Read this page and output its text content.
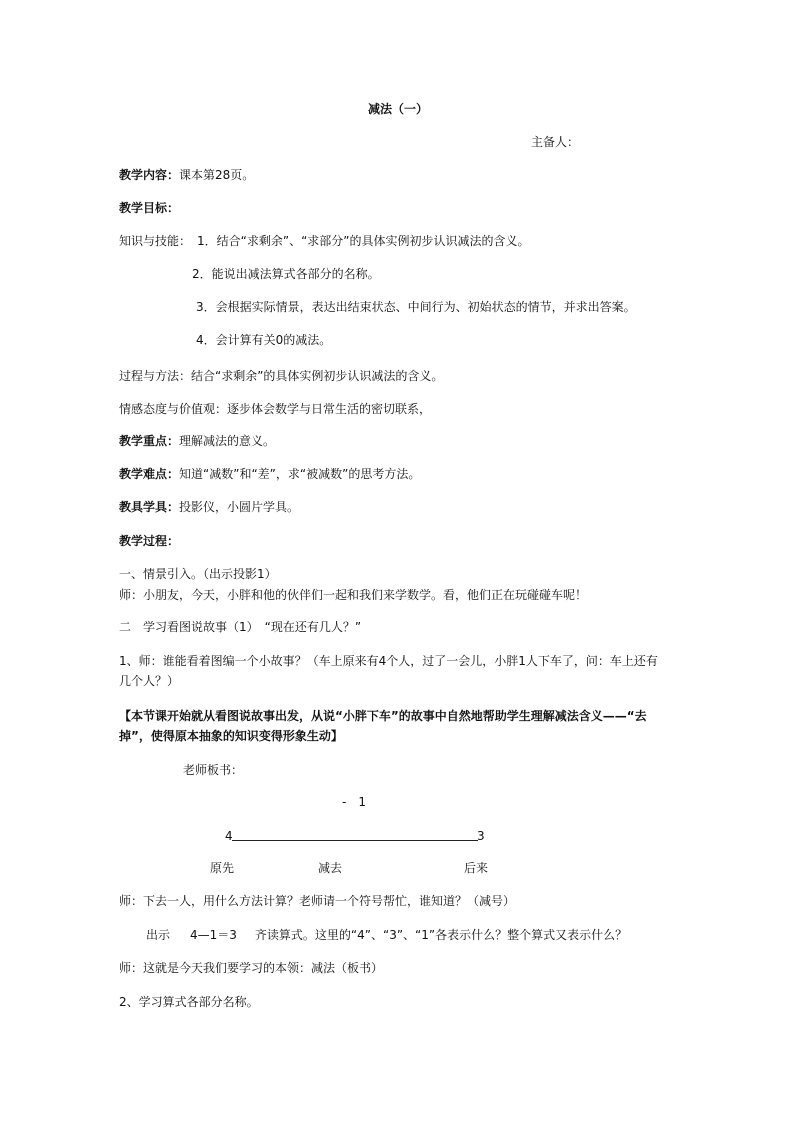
减法（一）
主备人：
教学内容：课本第28页。
教学目标：
知识与技能： 1．结合“求剩余”、“求部分”的具体实例初步认识减法的含义。
2．能说出减法算式各部分的名称。
3．会根据实际情景，表达出结束状态、中间行为、初始状态的情节，并求出答案。
4．会计算有关0的减法。
过程与方法：结合“求剩余”的具体实例初步认识减法的含义。
情感态度与价值观：逐步体会数学与日常生活的密切联系，
教学重点：理解减法的意义。
教学难点：知道“减数”和“差”，求“被减数”的思考方法。
教具学具：投影仪，小圆片学具。
教学过程：
一、情景引入。（出示投影1）
师：小朋友，今天，小胖和他的伙伴们一起和我们来学数学。看，他们正在玩碰碰车呢！
二　学习看图说故事（1）　“现在还有几人？”
1、师：谁能看着图编一个小故事？（车上原来有4个人，过了一会儿，小胖1人下车了，问：车上还有
几个人？）
【本节课开始就从看图说故事出发，从说“小胖下车”的故事中自然地帮助学生理解减法含义——“去
掉”，使得原本抽象的知识变得形象生动】
老师板书：
-　1
4	3
原先	减去	后来
师：下去一人，用什么方法计算？老师请一个符号帮忙，谁知道？（减号）
出示 4—1＝3 齐读算式。这里的“4”、“3”、“1”各表示什么？整个算式又表示什么？
师：这就是今天我们要学习的本领：减法（板书）
2、学习算式各部分名称。
